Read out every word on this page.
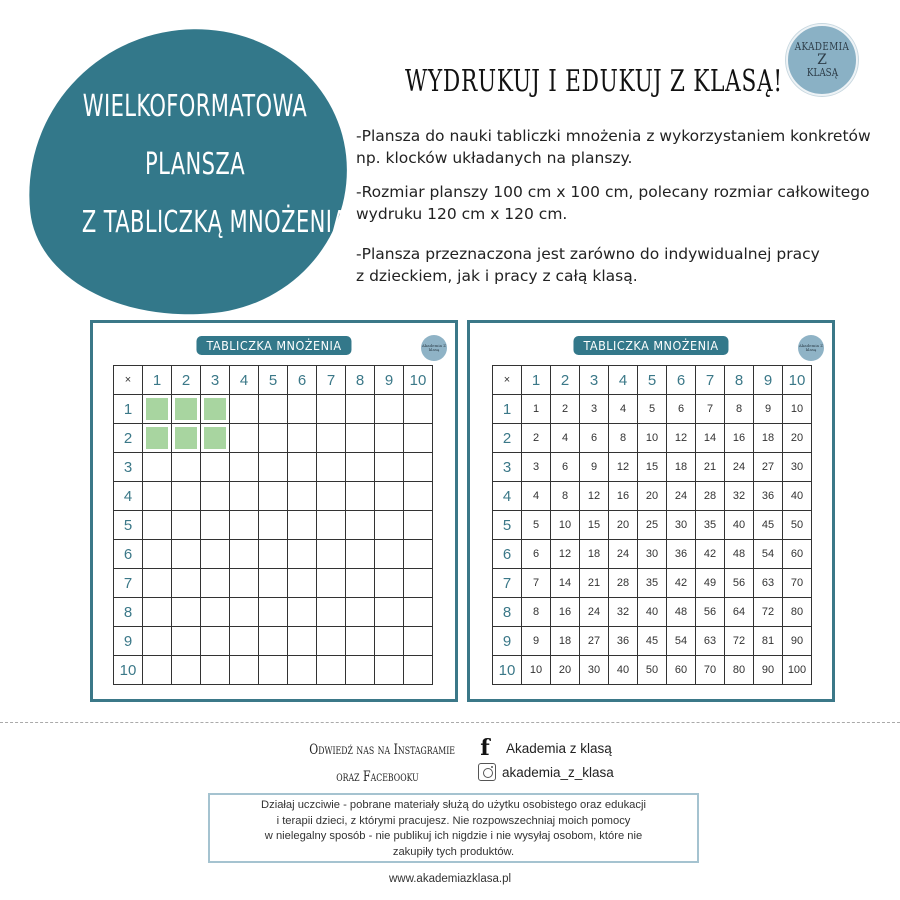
WIELKOFORMATOWA
PLANSZA
Z TABLICZKĄ MNOŻENIA
WYDRUKUJ I EDUKUJ Z KLASĄ!
AKADEMIA
Z
KLASĄ

-Plansza do nauki tabliczki mnożenia z wykorzystaniem konkretów

np. klocków układanych na planszy.

-Rozmiar planszy 100 cm x 100 cm, polecany rozmiar całkowitego

wydruku 120 cm x 120 cm.

-Plansza przeznaczona jest zarówno do indywidualnej pracy

z dzieckiem, jak i pracy z całą klasą.

TABLICZKA MNOŻENIA	Akademia Z klasą
×	1	2	3	4	5	6	7	8	9	10
1										
2										
3										
4										
5										
6										
7										
8										
9										
10										
TABLICZKA MNOŻENIA	Akademia Z klasą
×	1	2	3	4	5	6	7	8	9	10
1	1	2	3	4	5	6	7	8	9	10
2	2	4	6	8	10	12	14	16	18	20
3	3	6	9	12	15	18	21	24	27	30
4	4	8	12	16	20	24	28	32	36	40
5	5	10	15	20	25	30	35	40	45	50
6	6	12	18	24	30	36	42	48	54	60
7	7	14	21	28	35	42	49	56	63	70
8	8	16	24	32	40	48	56	64	72	80
9	9	18	27	36	45	54	63	72	81	90
10	10	20	30	40	50	60	70	80	90	100
Odwiedź nas na Instagramie
oraz Facebooku
f Akademia z klasą
akademia_z_klasa

Działaj uczciwie - pobrane materiały służą do użytku osobistego oraz edukacji

i terapii dzieci, z którymi pracujesz. Nie rozpowszechniaj moich pomocy

w nielegalny sposób - nie publikuj ich nigdzie i nie wysyłaj osobom, które nie

zakupiły tych produktów.

www.akademiazklasa.pl
